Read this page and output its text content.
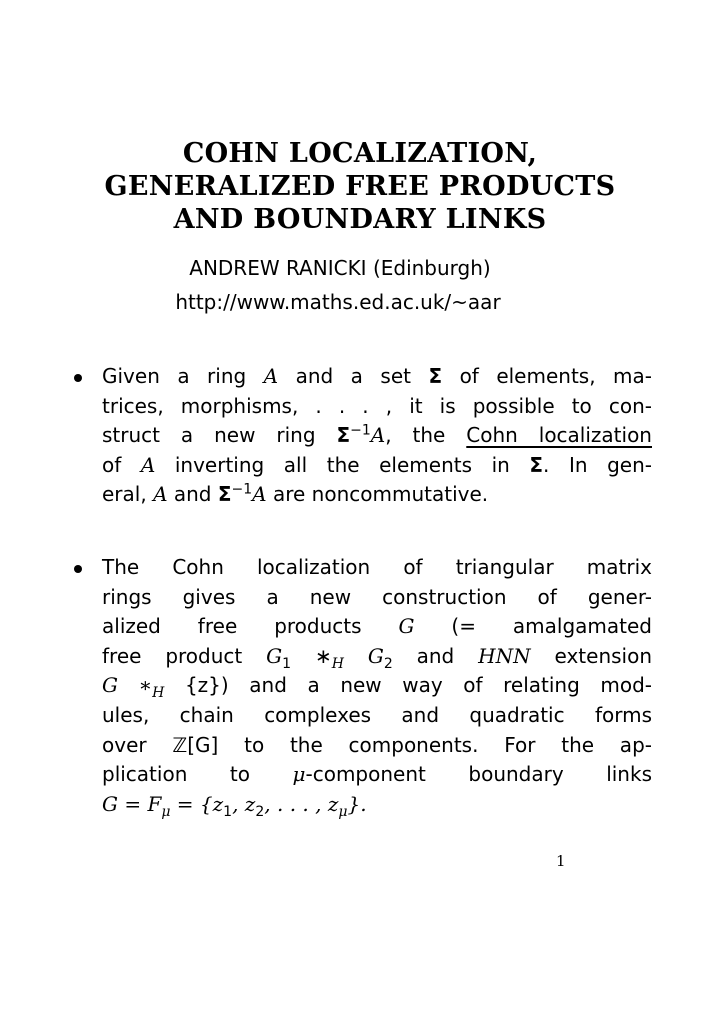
COHN LOCALIZATION,
GENERALIZED FREE PRODUCTS
AND BOUNDARY LINKS
ANDREW RANICKI (Edinburgh)
http://www.maths.ed.ac.uk/~aar
Given a ring A and a set Σ of elements, ma-
trices, morphisms, . . . , it is possible to con-
struct a new ring $\Sigma^{-1}A$, the Cohn localization
of A inverting all the elements in Σ. In gen-
eral, A and $\Sigma^{-1}A$ are noncommutative.
The Cohn localization of triangular matrix
rings gives a new construction of gener-
alized free products G (= amalgamated
free product $G_1$ $∗_H$ $G_2$ and HNN extension
G $∗_H$ {z}) and a new way of relating mod-
ules, chain complexes and quadratic forms
over ℤ[G] to the components. For the ap-
plication to μ-component boundary links
$G = F_\mu = \{z_1$, $z_2$, . . . , $z_\mu$}.
1
